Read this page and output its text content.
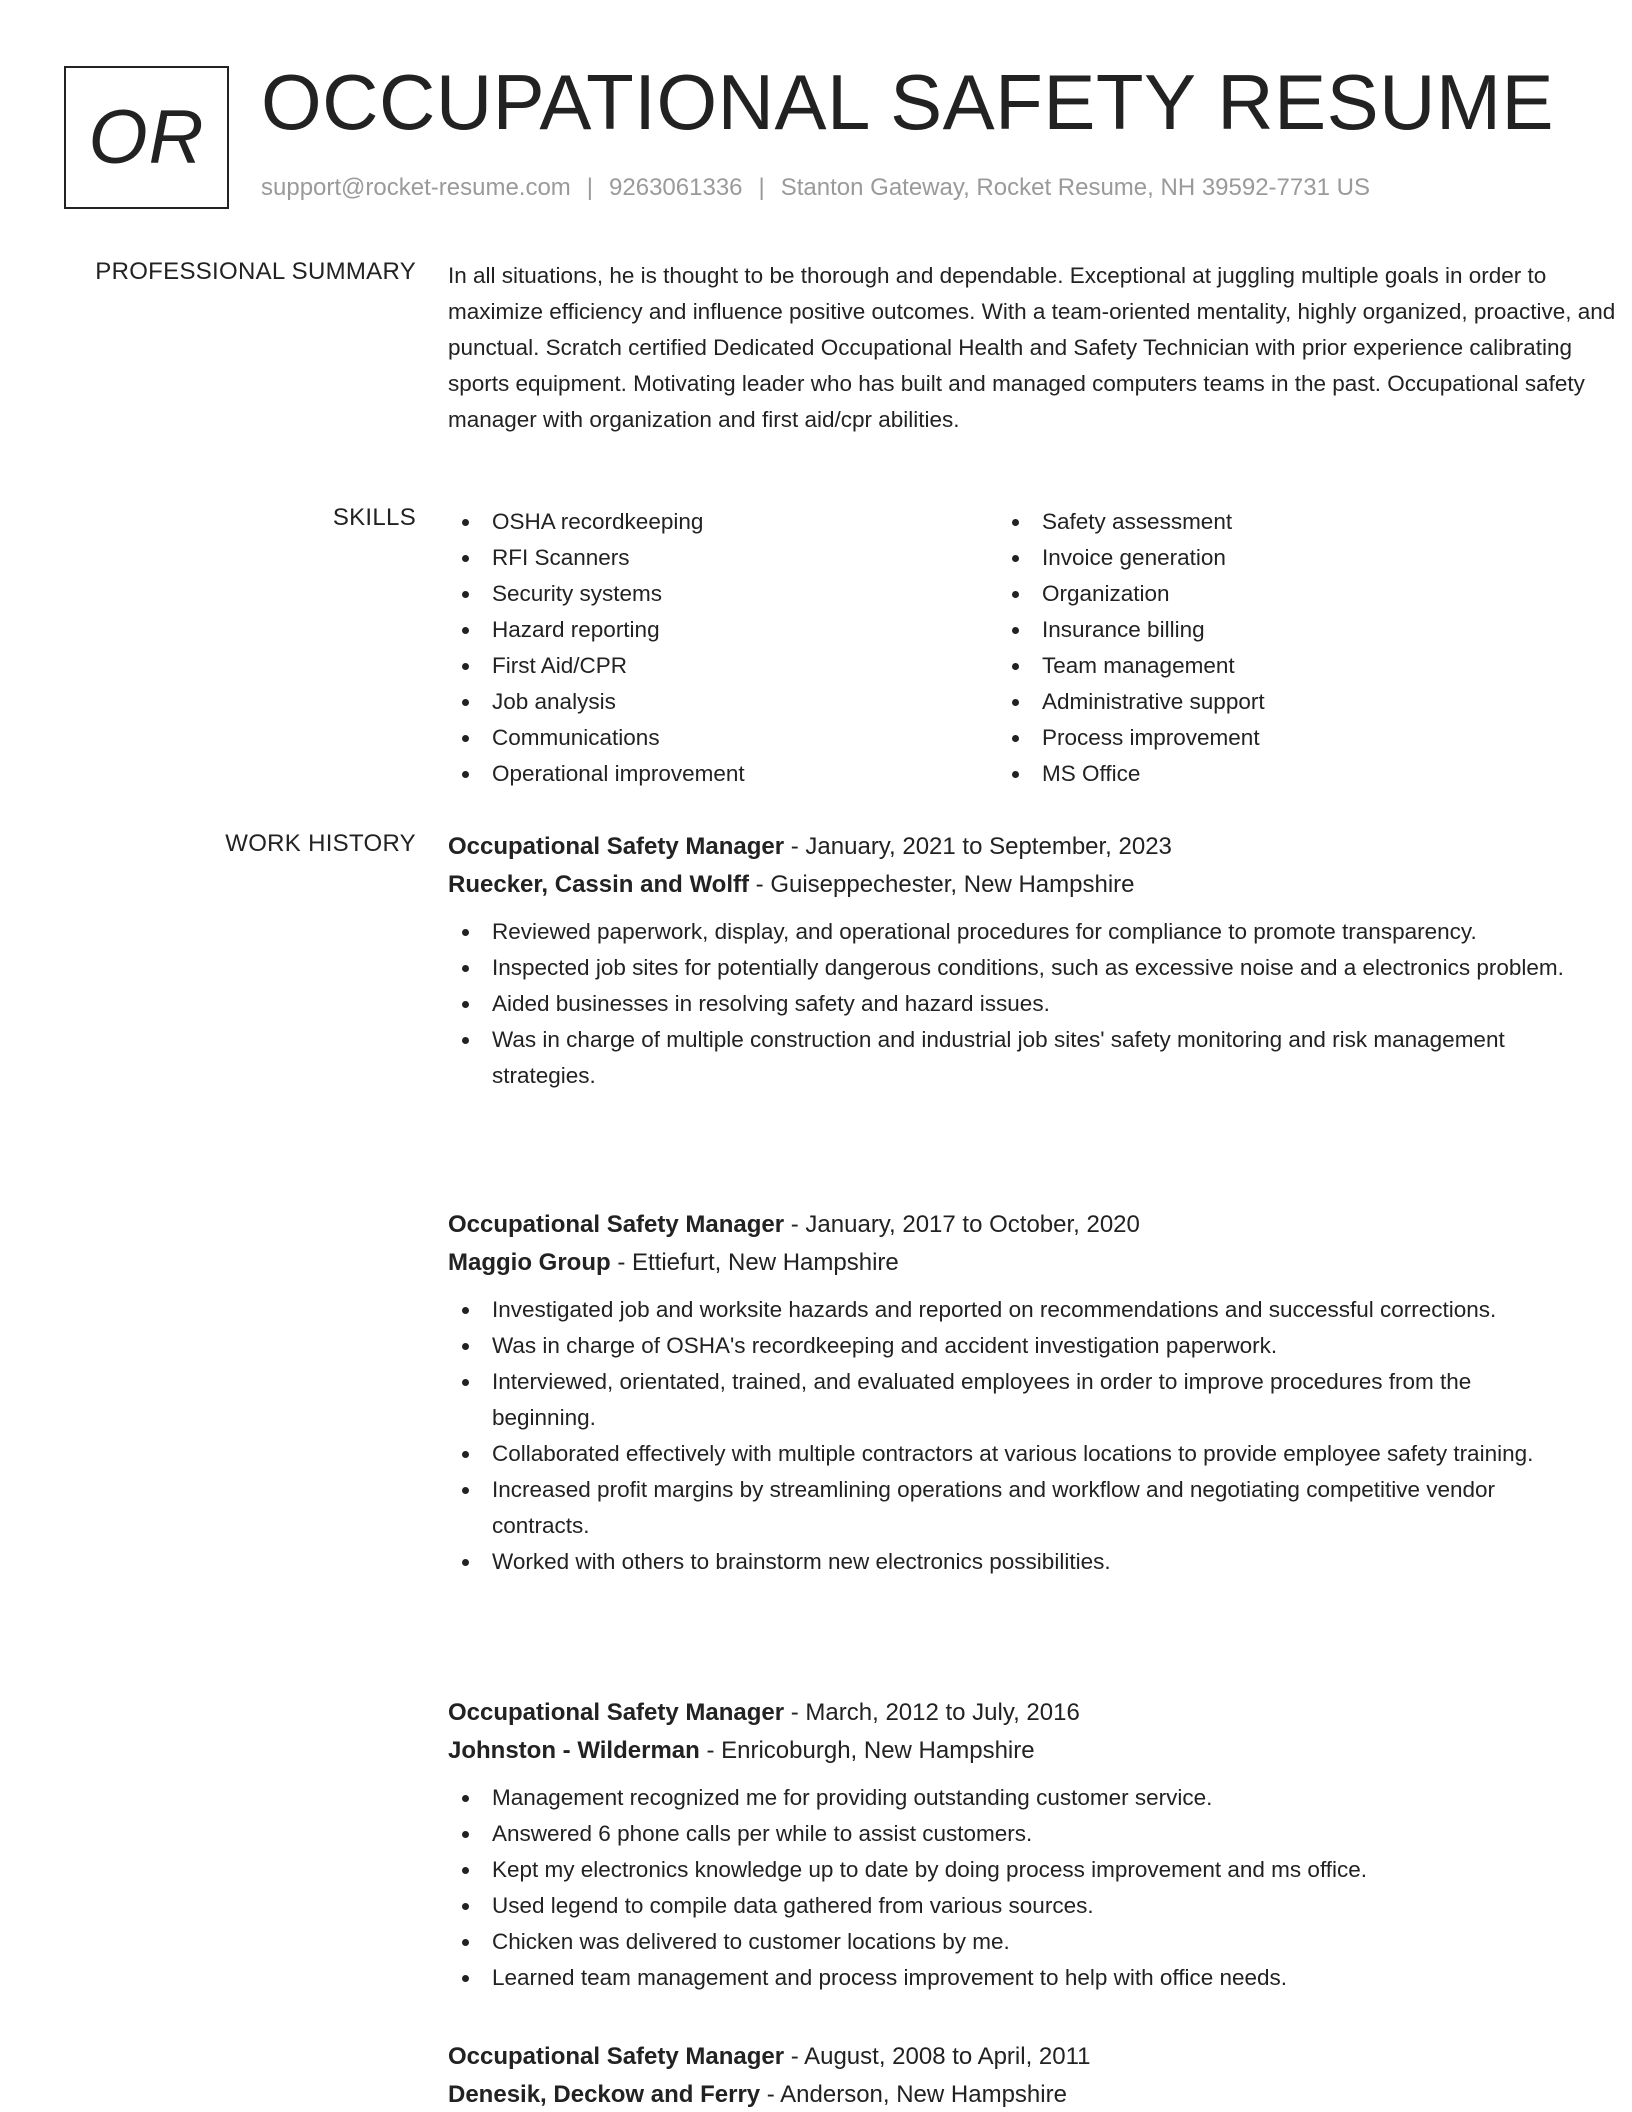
OR OCCUPATIONAL SAFETY RESUME
support@rocket-resume.com | 9263061336 | Stanton Gateway, Rocket Resume, NH 39592-7731 US
PROFESSIONAL SUMMARY In all situations, he is thought to be thorough and dependable. Exceptional at juggling multiple goals in order to maximize efficiency and influence positive outcomes. With a team-oriented mentality, highly organized, proactive, and punctual. Scratch certified Dedicated Occupational Health and Safety Technician with prior experience calibrating sports equipment. Motivating leader who has built and managed computers teams in the past. Occupational safety manager with organization and first aid/cpr abilities.
SKILLS	OSHA recordkeeping
RFI Scanners
Security systems
Hazard reporting
First Aid/CPR
Job analysis
Communications
Operational improvement
Safety assessment
Invoice generation
Organization
Insurance billing
Team management
Administrative support
Process improvement
MS Office
WORK HISTORY Occupational Safety Manager - January, 2021 to September, 2023
Ruecker, Cassin and Wolff - Guiseppechester, New Hampshire
Reviewed paperwork, display, and operational procedures for compliance to promote transparency.
Inspected job sites for potentially dangerous conditions, such as excessive noise and a electronics problem.
Aided businesses in resolving safety and hazard issues.
Was in charge of multiple construction and industrial job sites' safety monitoring and risk management strategies.
Occupational Safety Manager - January, 2017 to October, 2020
Maggio Group - Ettiefurt, New Hampshire
Investigated job and worksite hazards and reported on recommendations and successful corrections.
Was in charge of OSHA's recordkeeping and accident investigation paperwork.
Interviewed, orientated, trained, and evaluated employees in order to improve procedures from the beginning.
Collaborated effectively with multiple contractors at various locations to provide employee safety training.
Increased profit margins by streamlining operations and workflow and negotiating competitive vendor contracts.
Worked with others to brainstorm new electronics possibilities.
Occupational Safety Manager - March, 2012 to July, 2016
Johnston - Wilderman - Enricoburgh, New Hampshire
Management recognized me for providing outstanding customer service.
Answered 6 phone calls per while to assist customers.
Kept my electronics knowledge up to date by doing process improvement and ms office.
Used legend to compile data gathered from various sources.
Chicken was delivered to customer locations by me.
Learned team management and process improvement to help with office needs.
Occupational Safety Manager - August, 2008 to April, 2011
Denesik, Deckow and Ferry - Anderson, New Hampshire
